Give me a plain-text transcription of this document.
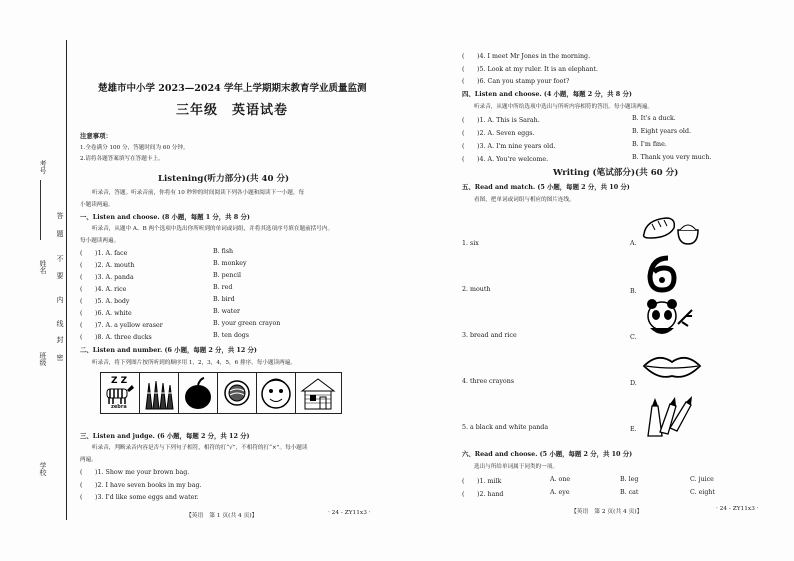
考号
姓名
班级
学校
答
题
不
要
内
线
封
密
楚雄市中小学 2023—2024 学年上学期期末教育学业质量监测
三年级　英语试卷
注意事项：
1.全卷满分 100 分，答题时间为 60 分钟。
2.请将各题答案填写在答题卡上。
Listening(听力部分)(共 40 分)
听录音，答题。听录音前，你将有 10 秒钟的时间阅读下列各小题和阅读下一小题。每
小题读两遍。
一、Listen and choose. (8 小题，每题 1 分，共 8 分)
听录音，从题中 A、B 两个选项中选出你所听到的单词或词组，并将其选项序号填在题前括号内。
每小题读两遍。
(　　)1. A. face	B. fish
(　　)2. A. mouth	B. monkey
(　　)3. A. panda	B. pencil
(　　)4. A. rice	B. red
(　　)5. A. body	B. bird
(　　)6. A. white	B. water
(　　)7. A. a yellow eraser	B. your green crayon
(　　)8. A. three ducks	B. ten dogs
二、Listen and number. (6 小题，每题 2 分，共 12 分)
听录音，将下列图片按所听到的顺序用 1，2，3，4，5，6 排序。每小题读两遍。
Z Z
zebra
三、Listen and judge. (6 小题，每题 2 分，共 12 分)
听录音，判断录音内容是否与下列句子相符，相符的打“√”，不相符的打“×”。每小题读
两遍。
(　　)1. Show me your brown bag.
(　　)2. I have seven books in my bag.
(　　)3. I'd like some eggs and water.
【英语　第 1 页(共 4 页)】	· 24 - ZY11x3 ·
(　　)4. I meet Mr Jones in the morning.
(　　)5. Look at my ruler. It is an elephant.
(　　)6. Can you stamp your foot?
四、Listen and choose. (4 小题，每题 2 分，共 8 分)
听录音，从题中所给选项中选出与所听内容相符的答语。每小题读两遍。
(　　)1. A. This is Sarah.	B. It's a duck.
(　　)2. A. Seven eggs.	B. Eight years old.
(　　)3. A. I'm nine years old.	B. I'm fine.
(　　)4. A. You're welcome.	B. Thank you very much.
Writing (笔试部分)(共 60 分)
五、Read and match. (5 小题，每题 2 分，共 10 分)
看图，把单词或词组与相应的图片连线。
1. six
2. mouth
3. bread and rice
4. three crayons
5. a black and white panda
A.
B.
C.
D.
E.
六、Read and choose. (5 小题，每题 2 分，共 10 分)
选出与所给单词属于同类的一项。
(　　)1. milk	A. one	B. leg	C. juice
(　　)2. hand	A. eye	B. cat	C. eight
【英语　第 2 页(共 4 页)】	· 24 - ZY11x3 ·
